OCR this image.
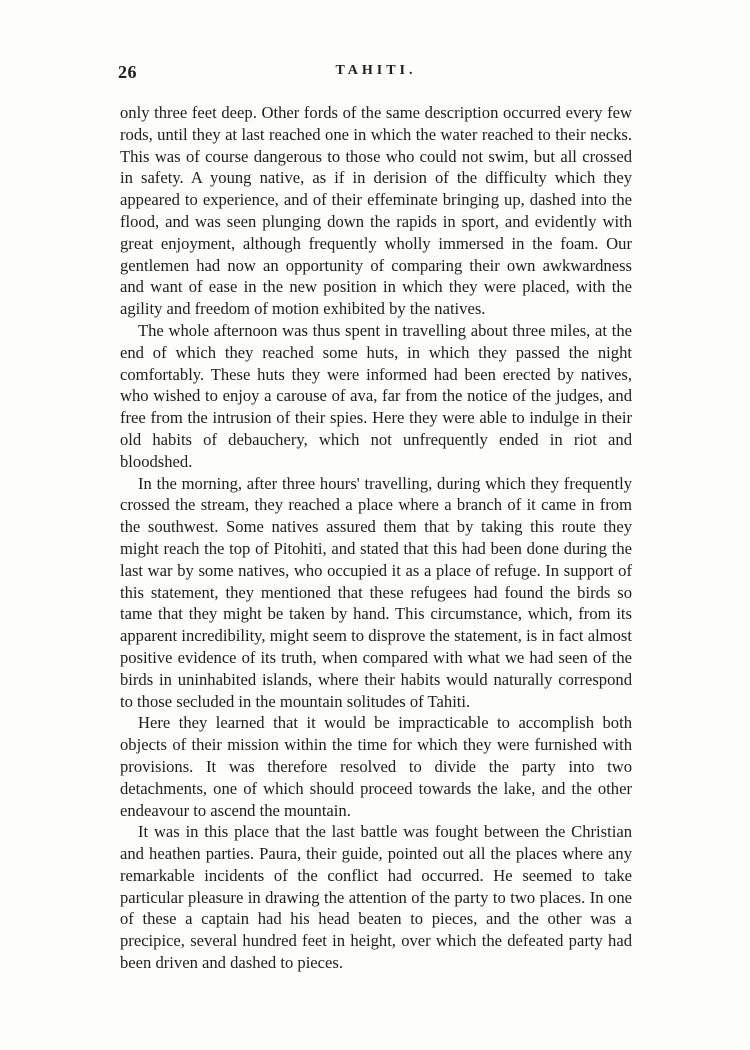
26	TAHITI.

only three feet deep. Other fords of the same description occurred every few rods, until they at last reached one in which the water reached to their necks. This was of course dangerous to those who could not swim, but all crossed in safety. A young native, as if in derision of the difficulty which they appeared to experience, and of their effeminate bringing up, dashed into the flood, and was seen plunging down the rapids in sport, and evidently with great enjoyment, although frequently wholly immersed in the foam. Our gentlemen had now an opportunity of comparing their own awkwardness and want of ease in the new position in which they were placed, with the agility and freedom of motion exhibited by the natives.

The whole afternoon was thus spent in travelling about three miles, at the end of which they reached some huts, in which they passed the night comfortably. These huts they were informed had been erected by natives, who wished to enjoy a carouse of ava, far from the notice of the judges, and free from the intrusion of their spies. Here they were able to indulge in their old habits of debauchery, which not unfrequently ended in riot and bloodshed.

In the morning, after three hours' travelling, during which they frequently crossed the stream, they reached a place where a branch of it came in from the southwest. Some natives assured them that by taking this route they might reach the top of Pitohiti, and stated that this had been done during the last war by some natives, who occupied it as a place of refuge. In support of this statement, they mentioned that these refugees had found the birds so tame that they might be taken by hand. This circumstance, which, from its apparent incredibility, might seem to disprove the statement, is in fact almost positive evidence of its truth, when compared with what we had seen of the birds in uninhabited islands, where their habits would naturally correspond to those secluded in the mountain solitudes of Tahiti.

Here they learned that it would be impracticable to accomplish both objects of their mission within the time for which they were furnished with provisions. It was therefore resolved to divide the party into two detachments, one of which should proceed towards the lake, and the other endeavour to ascend the mountain.

It was in this place that the last battle was fought between the Christian and heathen parties. Paura, their guide, pointed out all the places where any remarkable incidents of the conflict had occurred. He seemed to take particular pleasure in drawing the attention of the party to two places. In one of these a captain had his head beaten to pieces, and the other was a precipice, several hundred feet in height, over which the defeated party had been driven and dashed to pieces.
